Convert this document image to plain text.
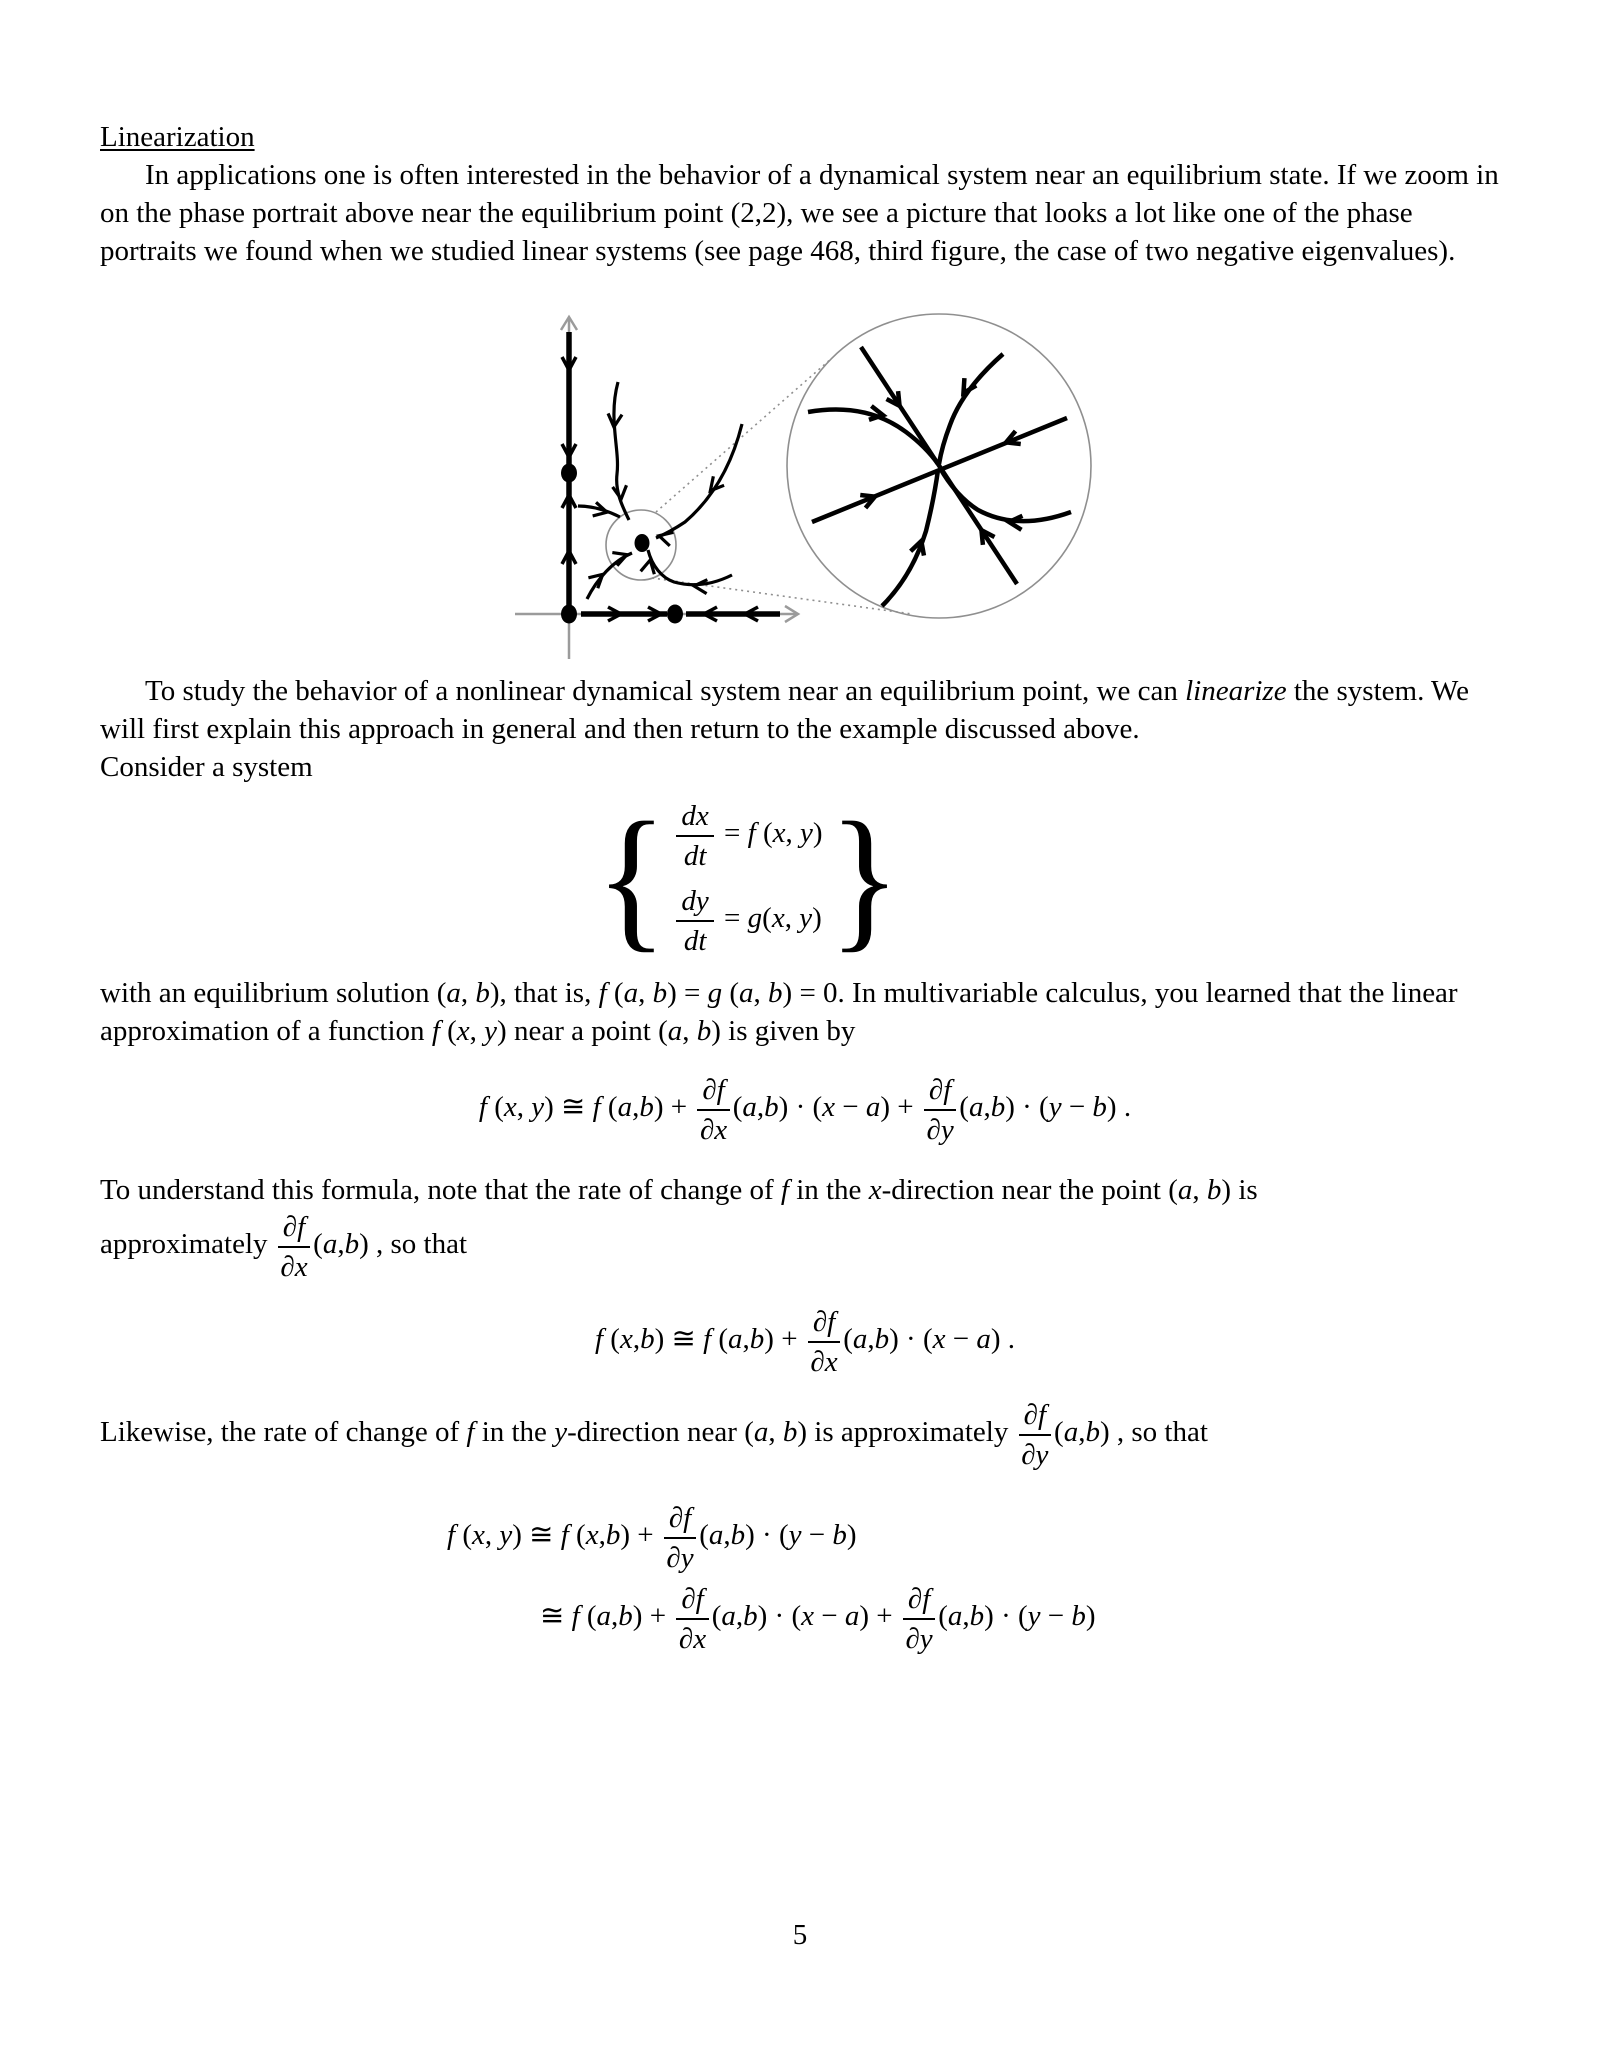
Linearization

In applications one is often interested in the behavior of a dynamical system near an equilibrium state. If we zoom in on the phase portrait above near the equilibrium point (2,2), we see a picture that looks a lot like one of the phase portraits we found when we studied linear systems (see page 468, third figure, the case of two negative eigenvalues).

To study the behavior of a nonlinear dynamical system near an equilibrium point, we can linearize the system. We will first explain this approach in general and then return to the example discussed above.

Consider a system

{ $\frac{dx}{dt} = f$ (x, y)
$\frac{dy}{dt} = g(x$, y) }

with an equilibrium solution (a, b), that is, f (a, b) = g (a, b) = 0. In multivariable calculus, you learned that the linear approximation of a function f (x, y) near a point (a, b) is given by

f (x, y) ≅ f $(a,b) + \frac{\partial f}{\partial x} (a,b) \cdot (x - a) + \frac{\partial f}{\partial y} (a,b) \cdot (y - b)$ .

To understand this formula, note that the rate of change of f in the x-direction near the point (a, b) is

approximately $\frac{\partial f}{\partial x} (a,b)$ , so that

f (x,b) ≅ f $(a,b) + \frac{\partial f}{\partial x} (a,b) \cdot (x - a)$ .

Likewise, the rate of change of f in the y-direction near (a, b) is approximately $\frac{\partial f}{\partial y} (a,b)$ , so that

f (x, y) ≅ f $(x,b) + \frac{\partial f}{\partial y} (a,b) \cdot (y - b)$
≅ f $(a,b) + \frac{\partial f}{\partial x} (a,b) \cdot (x - a) + \frac{\partial f}{\partial y} (a,b) \cdot (y - b)$
5
